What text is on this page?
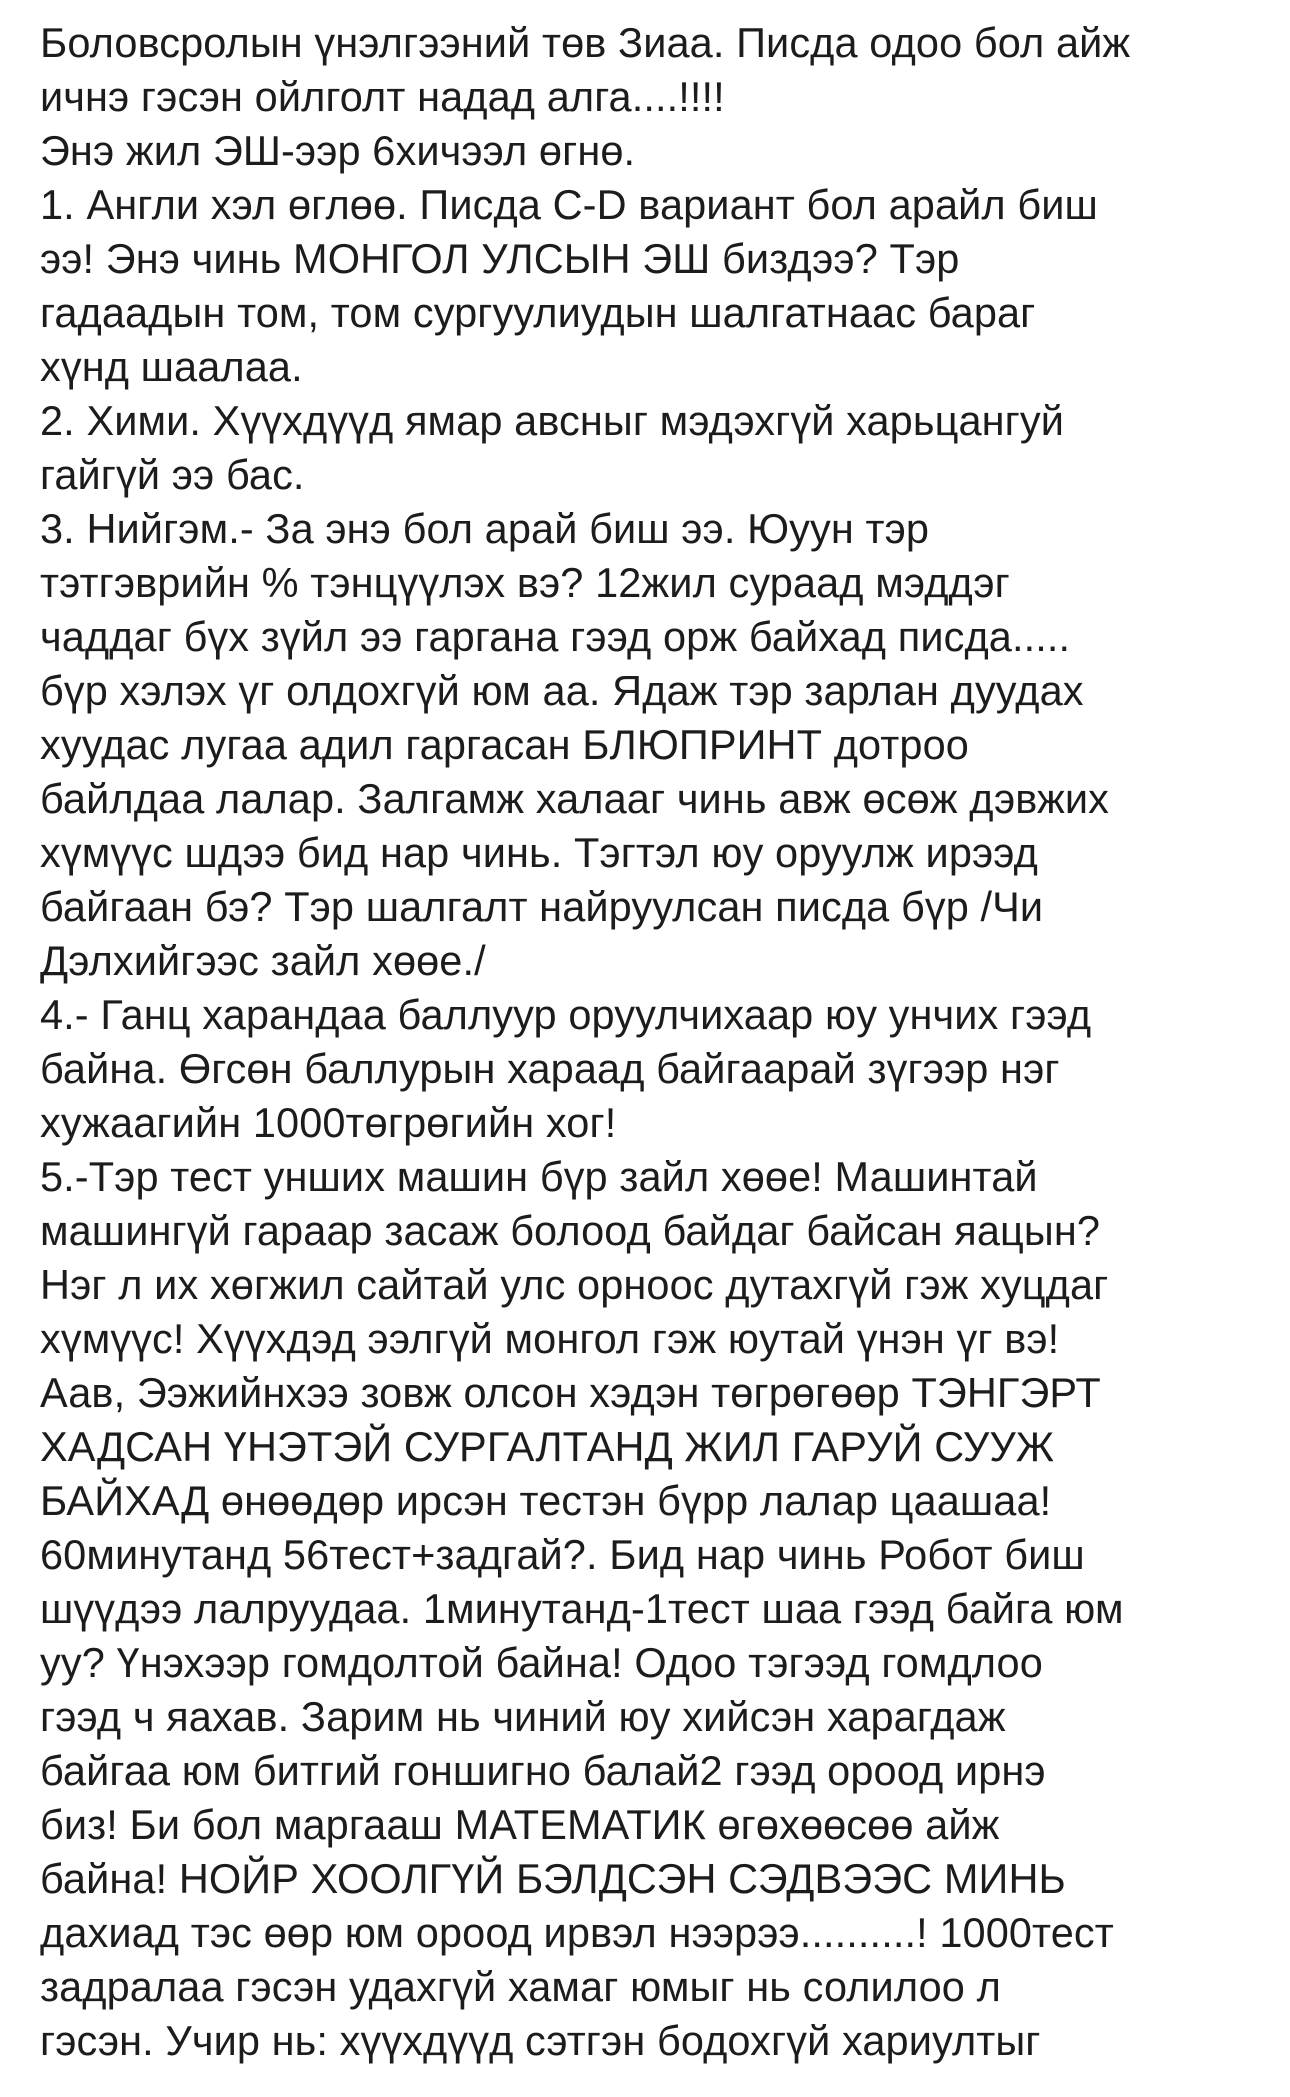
Боловсролын үнэлгээний төв Зиаа. Писда одоо бол айж
ичнэ гэсэн ойлголт надад алга....!!!!
Энэ жил ЭШ-ээр 6хичээл өгнө.
1. Англи хэл өглөө. Писда C-D вариант бол арайл биш
ээ! Энэ чинь МОНГОЛ УЛСЫН ЭШ биздээ? Тэр
гадаадын том, том сургуулиудын шалгатнаас бараг
хүнд шаалаа.
2. Хими. Хүүхдүүд ямар авсныг мэдэхгүй харьцангуй
гайгүй ээ бас.
3. Нийгэм.- За энэ бол арай биш ээ. Юуун тэр
тэтгэврийн % тэнцүүлэх вэ? 12жил сураад мэддэг
чаддаг бүх зүйл ээ гаргана гээд орж байхад писда.....
бүр хэлэх үг олдохгүй юм аа. Ядаж тэр зарлан дуудах
хуудас лугаа адил гаргасан БЛЮПРИНТ дотроо
байлдаа лалар. Залгамж халааг чинь авж өсөж дэвжих
хүмүүс шдээ бид нар чинь. Тэгтэл юу оруулж ирээд
байгаан бэ? Тэр шалгалт найруулсан писда бүр /Чи
Дэлхийгээс зайл хөөе./
4.- Ганц харандаа баллуур оруулчихаар юу унчих гээд
байна. Өгсөн баллурын хараад байгаарай зүгээр нэг
хужаагийн 1000төгрөгийн хог!
5.-Тэр тест унших машин бүр зайл хөөе! Машинтай
машингүй гараар засаж болоод байдаг байсан яацын?
Нэг л их хөгжил сайтай улс орноос дутахгүй гэж хуцдаг
хүмүүс! Хүүхдэд ээлгүй монгол гэж юутай үнэн үг вэ!
Аав, Ээжийнхээ зовж олсон хэдэн төгрөгөөр ТЭНГЭРТ
ХАДСАН ҮНЭТЭЙ СУРГАЛТАНД ЖИЛ ГАРУЙ СУУЖ
БАЙХАД өнөөдөр ирсэн тестэн бүрр лалар цаашаа!
60минутанд 56тест+задгай?. Бид нар чинь Робот биш
шүүдээ лалруудаа. 1минутанд-1тест шаа гээд байга юм
уу? Үнэхээр гомдолтой байна! Одоо тэгээд гомдлоо
гээд ч яахав. Зарим нь чиний юу хийсэн харагдаж
байгаа юм битгий гоншигно балай2 гээд ороод ирнэ
биз! Би бол маргааш МАТЕМАТИК өгөхөөсөө айж
байна! НОЙР ХООЛГҮЙ БЭЛДСЭН СЭДВЭЭС МИНЬ
дахиад тэс өөр юм ороод ирвэл нээрээ..........! 1000тест
задралаа гэсэн удахгүй хамаг юмыг нь солилоо л
гэсэн. Учир нь: хүүхдүүд сэтгэн бодохгүй хариултыг
